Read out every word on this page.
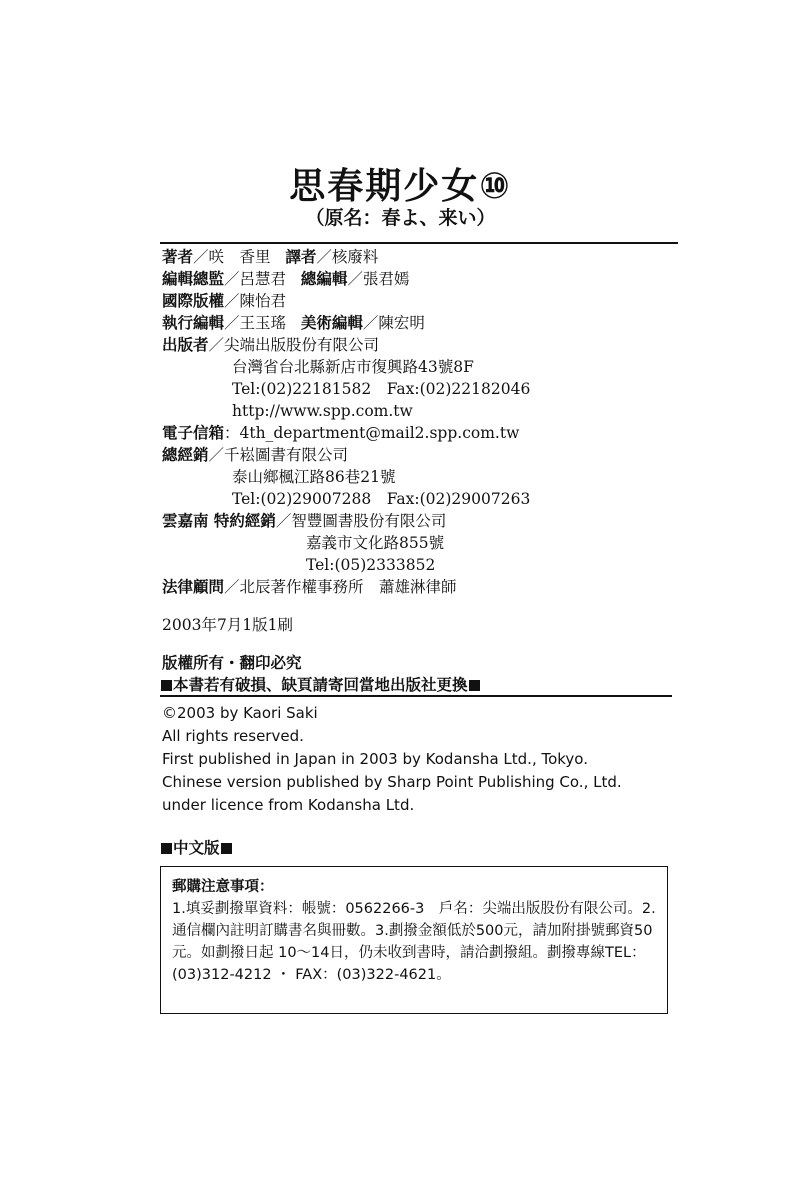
思春期少女⑩
（原名：春よ、来い）
著者／咲　香里 譯者／核廢料
編輯總監／呂慧君 總編輯／張君嫣
國際版權／陳怡君
執行編輯／王玉瑤 美術編輯／陳宏明
出版者／尖端出版股份有限公司
台灣省台北縣新店市復興路43號8F
Tel:(02)22181582　Fax:(02)22182046
http://www.spp.com.tw
電子信箱：4th_department@mail2.spp.com.tw
總經銷／千崧圖書有限公司
泰山鄉楓江路86巷21號
Tel:(02)29007288　Fax:(02)29007263
雲嘉南 特約經銷／智豐圖書股份有限公司
嘉義市文化路855號
Tel:(05)2333852
法律顧問／北辰著作權事務所　蕭雄淋律師
2003年7月1版1刷
版權所有・翻印必究
本書若有破損、缺頁請寄回當地出版社更換
©2003 by Kaori Saki
All rights reserved.
First published in Japan in 2003 by Kodansha Ltd., Tokyo.
Chinese version published by Sharp Point Publishing Co., Ltd.
under licence from Kodansha Ltd.
中文版
郵購注意事項：
1.填妥劃撥單資料：帳號：0562266-3　戶名：尖端出版股份有限公司。2.通信欄內註明訂購書名與冊數。3.劃撥金額低於500元，請加附掛號郵資50元。如劃撥日起 10～14日，仍未收到書時，請洽劃撥組。劃撥專線TEL：(03)312-4212 ・ FAX：(03)322-4621。
